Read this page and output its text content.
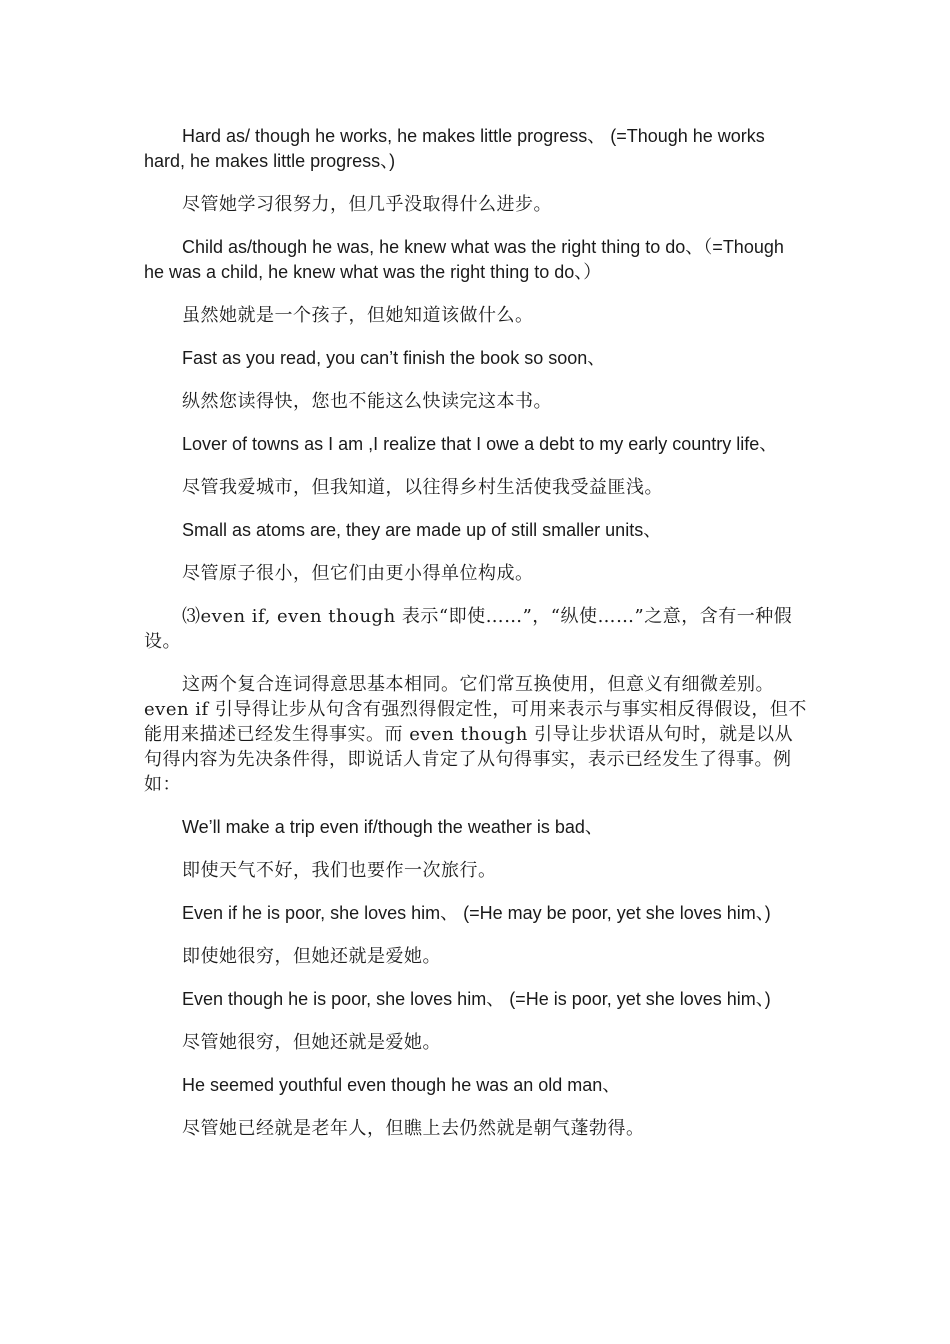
Hard as/ though he works, he makes little progress、 (=Though he works hard, he makes little progress、)

尽管她学习很努力，但几乎没取得什么进步。

Child as/though he was, he knew what was the right thing to do、（=Though he was a child, he knew what was the right thing to do、）

虽然她就是一个孩子，但她知道该做什么。

Fast as you read, you can’t finish the book so soon、

纵然您读得快，您也不能这么快读完这本书。

Lover of towns as I am ,I realize that I owe a debt to my early country life、

尽管我爱城市，但我知道，以往得乡村生活使我受益匪浅。

Small as atoms are, they are made up of still smaller units、

尽管原子很小，但它们由更小得单位构成。

⑶even if, even though 表示“即使……”，“纵使……”之意，含有一种假设。

这两个复合连词得意思基本相同。它们常互换使用，但意义有细微差别。even if 引导得让步从句含有强烈得假定性，可用来表示与事实相反得假设，但不能用来描述已经发生得事实。而 even though 引导让步状语从句时，就是以从句得内容为先决条件得，即说话人肯定了从句得事实，表示已经发生了得事。例如：

We’ll make a trip even if/though the weather is bad、

即使天气不好，我们也要作一次旅行。

Even if he is poor, she loves him、 (=He may be poor, yet she loves him、)

即使她很穷，但她还就是爱她。

Even though he is poor, she loves him、 (=He is poor, yet she loves him、)

尽管她很穷，但她还就是爱她。

He seemed youthful even though he was an old man、

尽管她已经就是老年人，但瞧上去仍然就是朝气蓬勃得。
